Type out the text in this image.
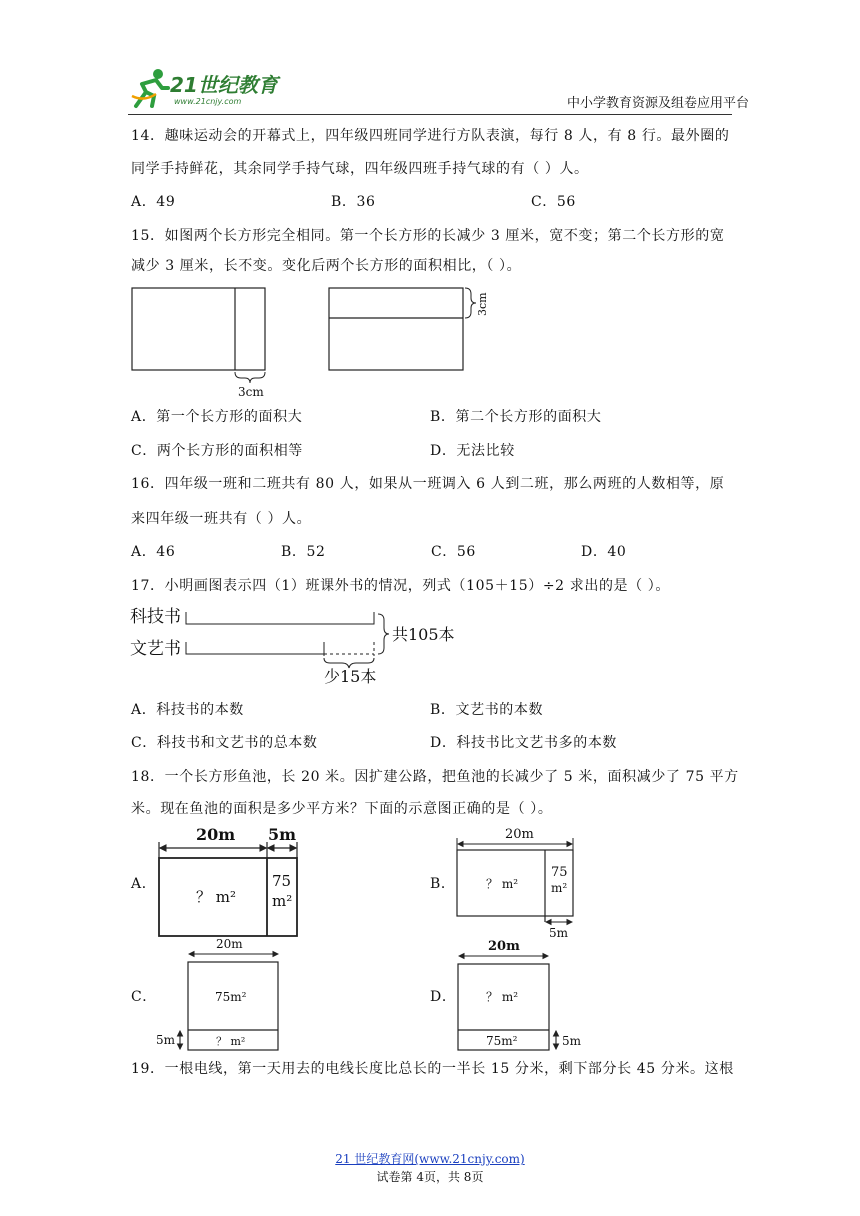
21世纪教育
www.21cnjy.com	中小学教育资源及组卷应用平台
14．趣味运动会的开幕式上，四年级四班同学进行方队表演，每行 8 人，有 8 行。最外圈的
同学手持鲜花，其余同学手持气球，四年级四班手持气球的有（ ）人。
A．49	B．36	C．56
15．如图两个长方形完全相同。第一个长方形的长减少 3 厘米，宽不变；第二个长方形的宽
减少 3 厘米，长不变。变化后两个长方形的面积相比，（ ）。
3cm
3cm
A．第一个长方形的面积大	B．第二个长方形的面积大
C．两个长方形的面积相等	D．无法比较
16．四年级一班和二班共有 80 人，如果从一班调入 6 人到二班，那么两班的人数相等，原
来四年级一班共有（ ）人。
A．46	B．52	C．56	D．40
17．小明画图表示四（1）班课外书的情况，列式（105＋15）÷2 求出的是（ ）。
科技书
文艺书
共105本
少15本
A．科技书的本数	B．文艺书的本数
C．科技书和文艺书的总本数	D．科技书比文艺书多的本数
18．一个长方形鱼池，长 20 米。因扩建公路，把鱼池的长减少了 5 米，面积减少了 75 平方
米。现在鱼池的面积是多少平方米？下面的示意图正确的是（ ）。
A．
20m 5m
？ m²
75
m²
B．
20m
？ m²
75
m²
5m
C．
20m
75m²
？ m²
5m
D．
20m
？ m²
75m²	5m
19．一根电线，第一天用去的电线长度比总长的一半长 15 分米，剩下部分长 45 分米。这根
21 世纪教育网(www.21cnjy.com)
试卷第 4页，共 8页
